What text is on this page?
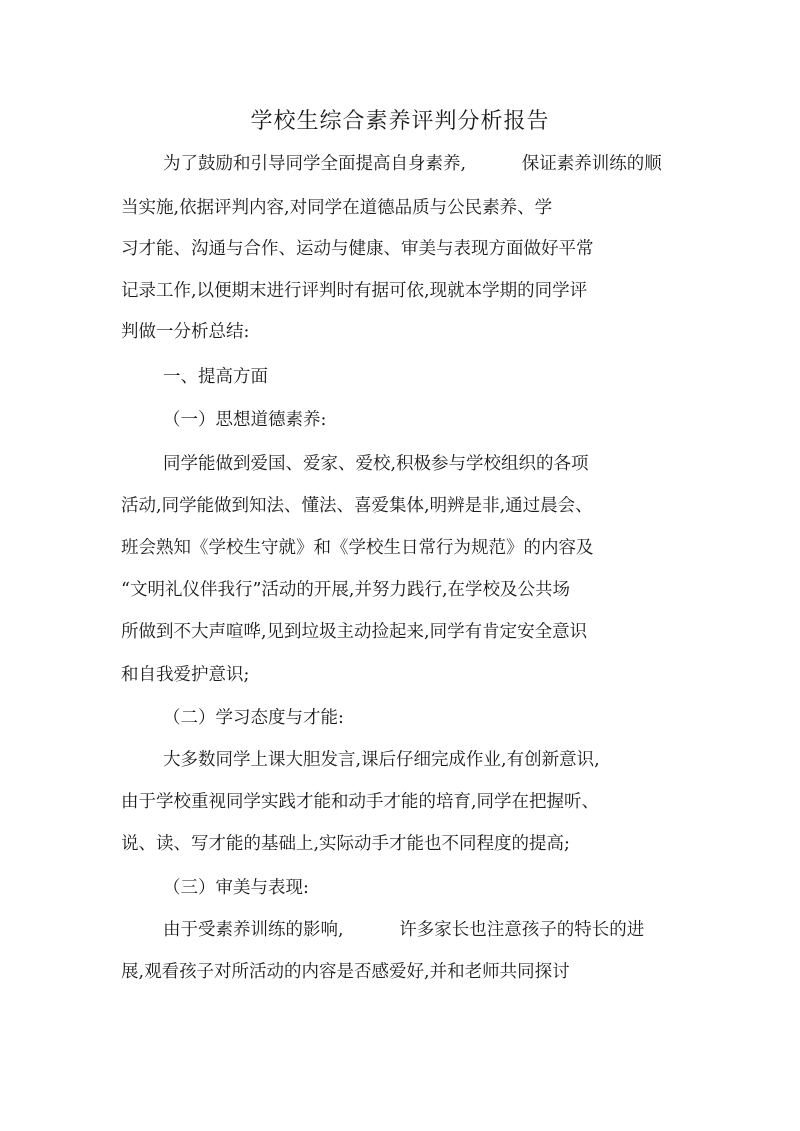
学校生综合素养评判分析报告

为了鼓励和引导同学全面提高自身素养,          保证素养训练的顺

当实施,依据评判内容,对同学在道德品质与公民素养、学

习才能、沟通与合作、运动与健康、审美与表现方面做好平常

记录工作,以便期末进行评判时有据可依,现就本学期的同学评

判做一分析总结:

一、提高方面

（一）思想道德素养:

同学能做到爱国、爱家、爱校,积极参与学校组织的各项

活动,同学能做到知法、懂法、喜爱集体,明辨是非,通过晨会、

班会熟知《学校生守就》和《学校生日常行为规范》的内容及

“文明礼仪伴我行”活动的开展,并努力践行,在学校及公共场

所做到不大声喧哗,见到垃圾主动捡起来,同学有肯定安全意识

和自我爱护意识;

（二）学习态度与才能:

大多数同学上课大胆发言,课后仔细完成作业,有创新意识,

由于学校重视同学实践才能和动手才能的培育,同学在把握听、

说、读、写才能的基础上,实际动手才能也不同程度的提高;

（三）审美与表现:

由于受素养训练的影响,          许多家长也注意孩子的特长的进

展,观看孩子对所活动的内容是否感爱好,并和老师共同探讨
